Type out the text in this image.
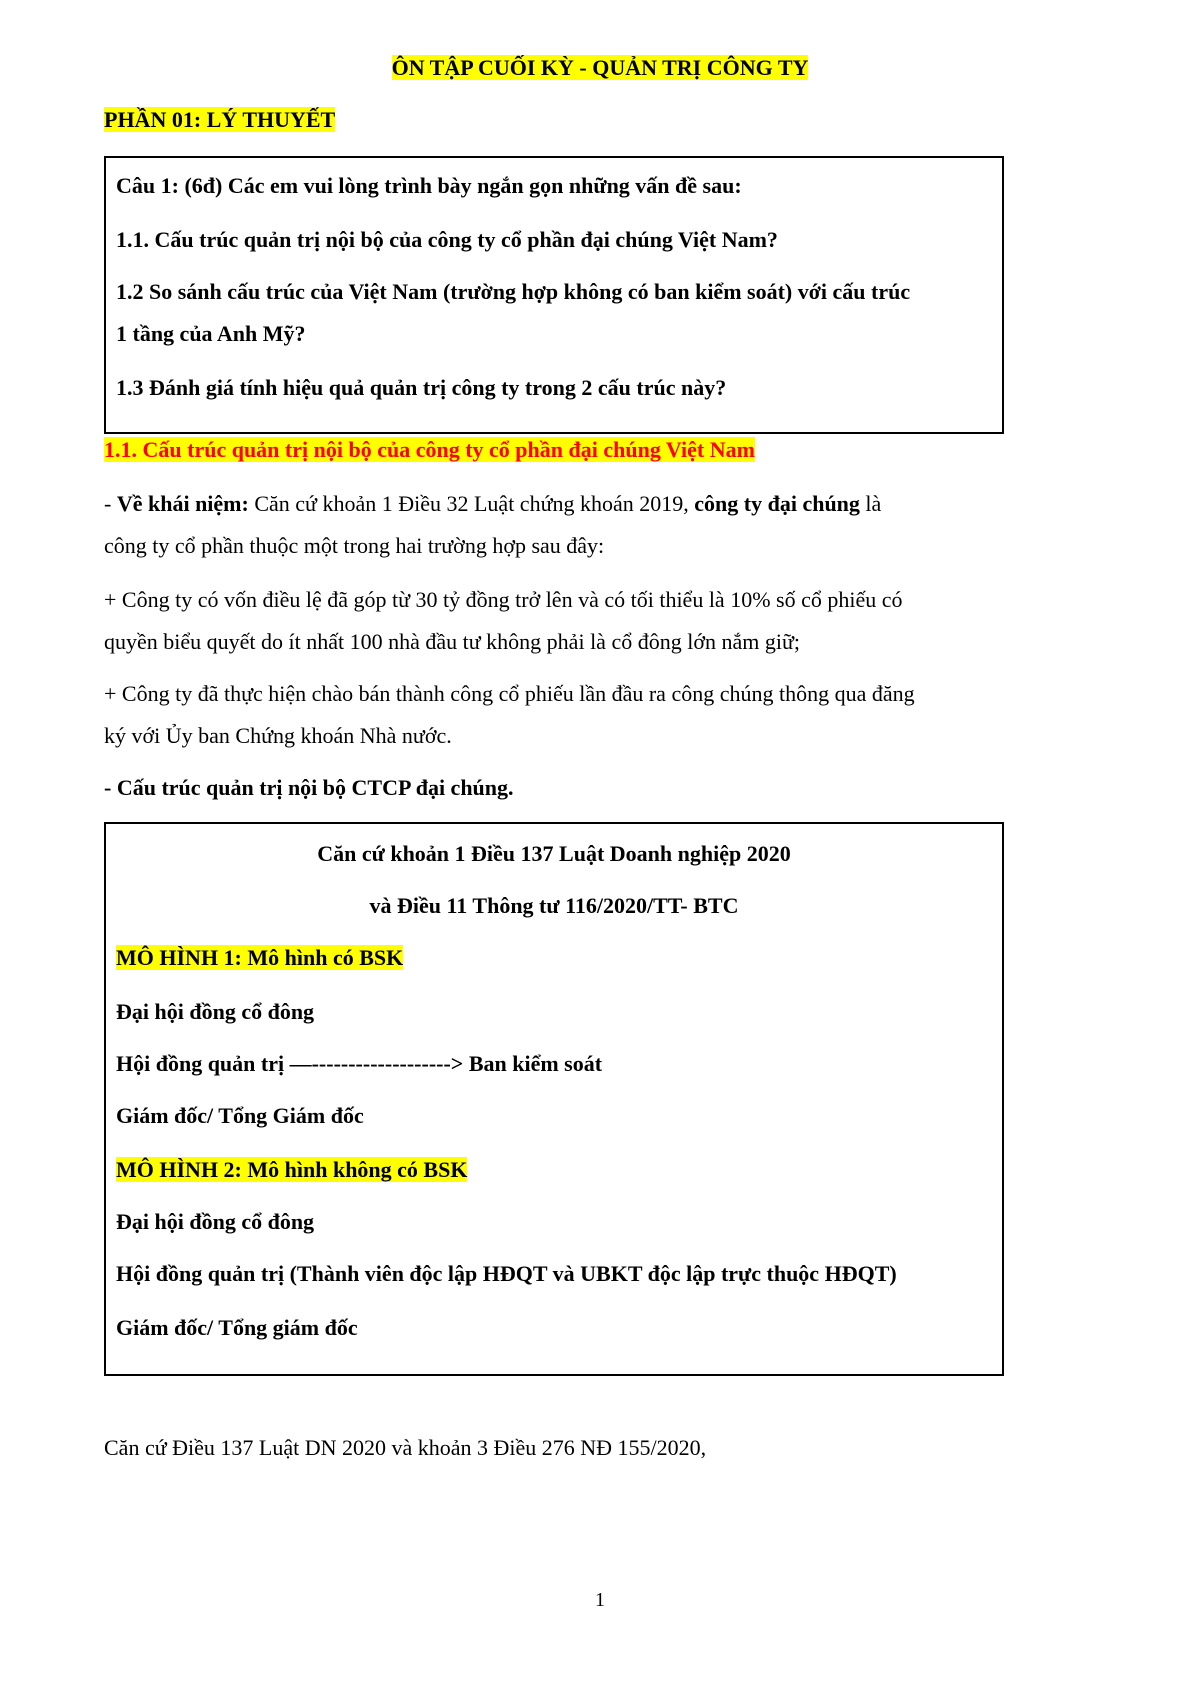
ÔN TẬP CUỐI KỲ - QUẢN TRỊ CÔNG TY
PHẦN 01: LÝ THUYẾT
Câu 1: (6đ) Các em vui lòng trình bày ngắn gọn những vấn đề sau:
1.1. Cấu trúc quản trị nội bộ của công ty cổ phần đại chúng Việt Nam?
1.2 So sánh cấu trúc của Việt Nam (trường hợp không có ban kiểm soát) với cấu trúc
1 tầng của Anh Mỹ?
1.3 Đánh giá tính hiệu quả quản trị công ty trong 2 cấu trúc này?
1.1. Cấu trúc quản trị nội bộ của công ty cổ phần đại chúng Việt Nam
- Về khái niệm: Căn cứ khoản 1 Điều 32 Luật chứng khoán 2019, công ty đại chúng là
công ty cổ phần thuộc một trong hai trường hợp sau đây:
+ Công ty có vốn điều lệ đã góp từ 30 tỷ đồng trở lên và có tối thiểu là 10% số cổ phiếu có
quyền biểu quyết do ít nhất 100 nhà đầu tư không phải là cổ đông lớn nắm giữ;
+ Công ty đã thực hiện chào bán thành công cổ phiếu lần đầu ra công chúng thông qua đăng
ký với Ủy ban Chứng khoán Nhà nước.
- Cấu trúc quản trị nội bộ CTCP đại chúng.
Căn cứ khoản 1 Điều 137 Luật Doanh nghiệp 2020
và Điều 11 Thông tư 116/2020/TT- BTC
MÔ HÌNH 1: Mô hình có BSK
Đại hội đồng cổ đông
Hội đồng quản trị —-------------------> Ban kiểm soát
Giám đốc/ Tổng Giám đốc
MÔ HÌNH 2: Mô hình không có BSK
Đại hội đồng cổ đông
Hội đồng quản trị (Thành viên độc lập HĐQT và UBKT độc lập trực thuộc HĐQT)
Giám đốc/ Tổng giám đốc
Căn cứ Điều 137 Luật DN 2020 và khoản 3 Điều 276 NĐ 155/2020,
1
